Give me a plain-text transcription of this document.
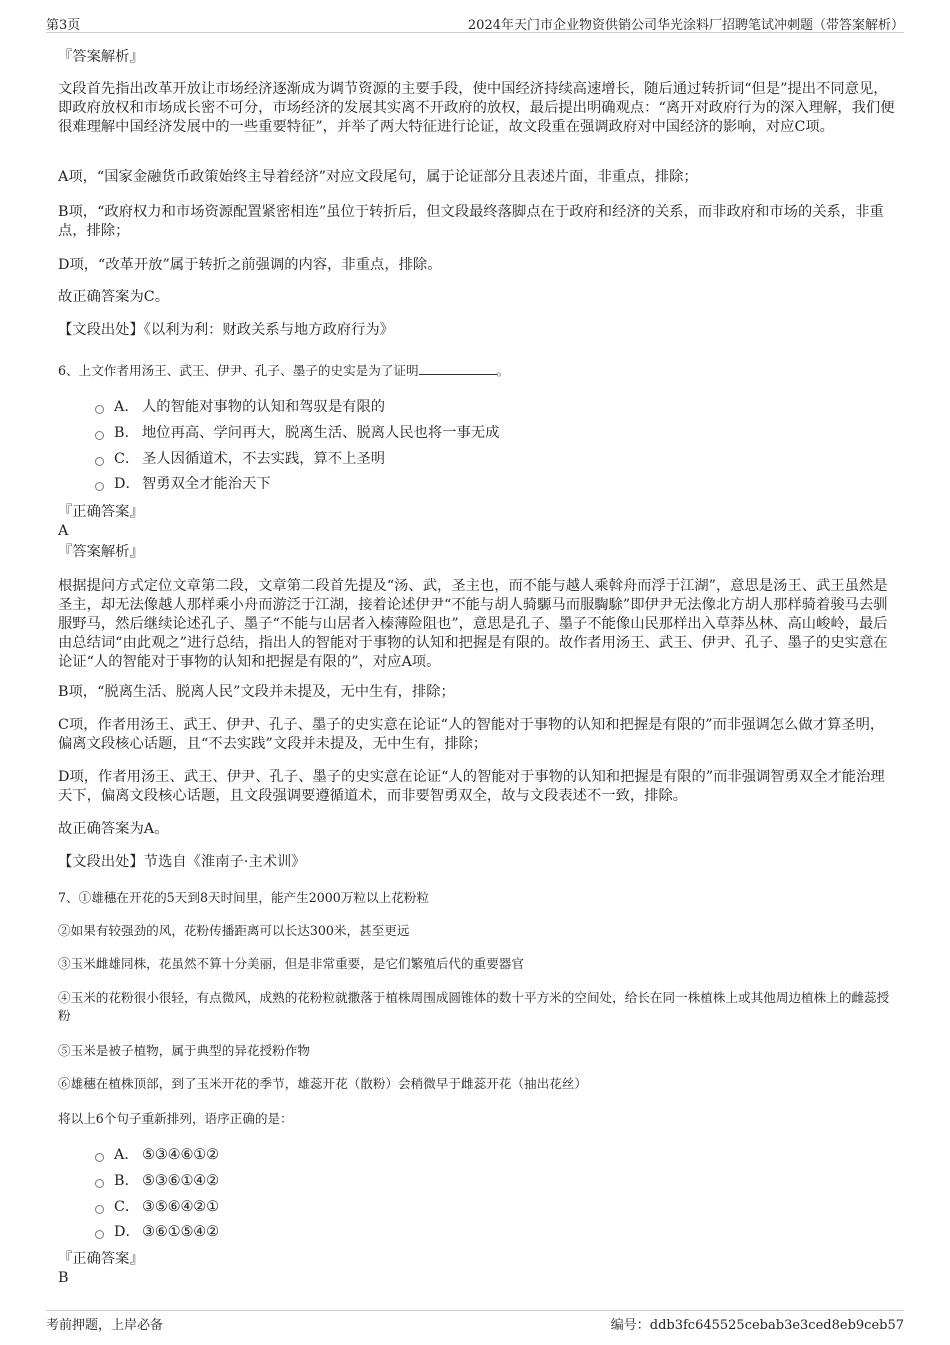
第3页	2024年天门市企业物资供销公司华光涂料厂招聘笔试冲刺题（带答案解析）
『答案解析』
文段首先指出改革开放让市场经济逐渐成为调节资源的主要手段，使中国经济持续高速增长，随后通过转折词“但是”提出不同意见，即政府放权和市场成长密不可分，市场经济的发展其实离不开政府的放权，最后提出明确观点：“离开对政府行为的深入理解，我们便很难理解中国经济发展中的一些重要特征”，并举了两大特征进行论证，故文段重在强调政府对中国经济的影响，对应C项。
A项，“国家金融货币政策始终主导着经济”对应文段尾句，属于论证部分且表述片面，非重点，排除；
B项，“政府权力和市场资源配置紧密相连”虽位于转折后，但文段最终落脚点在于政府和经济的关系，而非政府和市场的关系，非重点，排除；
D项，“改革开放”属于转折之前强调的内容，非重点，排除。
故正确答案为C。
【文段出处】《以利为利：财政关系与地方政府行为》
6、上文作者用汤王、武王、伊尹、孔子、墨子的史实是为了证明	。
A． 人的智能对事物的认知和驾驭是有限的
B. 地位再高、学问再大，脱离生活、脱离人民也将一事无成
C． 圣人因循道术，不去实践，算不上圣明
D． 智勇双全才能治天下
『正确答案』
A
『答案解析』
根据提问方式定位文章第二段，文章第二段首先提及“汤、武，圣主也，而不能与越人乘斡舟而浮于江湖”，意思是汤王、武王虽然是圣主，却无法像越人那样乘小舟而游泛于江湖，接着论述伊尹“不能与胡人骑騵马而服騊駼”即伊尹无法像北方胡人那样骑着骏马去驯服野马，然后继续论述孔子、墨子“不能与山居者入榛薄险阻也”，意思是孔子、墨子不能像山民那样出入草莽丛林、高山峻岭，最后由总结词“由此观之”进行总结，指出人的智能对于事物的认知和把握是有限的。故作者用汤王、武王、伊尹、孔子、墨子的史实意在论证“人的智能对于事物的认知和把握是有限的”，对应A项。
B项，“脱离生活、脱离人民”文段并未提及，无中生有，排除；
C项，作者用汤王、武王、伊尹、孔子、墨子的史实意在论证“人的智能对于事物的认知和把握是有限的”而非强调怎么做才算圣明，偏离文段核心话题，且“不去实践”文段并未提及，无中生有，排除；
D项，作者用汤王、武王、伊尹、孔子、墨子的史实意在论证“人的智能对于事物的认知和把握是有限的”而非强调智勇双全才能治理天下，偏离文段核心话题，且文段强调要遵循道术，而非要智勇双全，故与文段表述不一致，排除。
故正确答案为A。
【文段出处】节选自《淮南子·主术训》
7、①雄穗在开花的5天到8天时间里，能产生2000万粒以上花粉粒
②如果有较强劲的风，花粉传播距离可以长达300米，甚至更远
③玉米雌雄同株，花虽然不算十分美丽，但是非常重要，是它们繁殖后代的重要器官
④玉米的花粉很小很轻，有点微风，成熟的花粉粒就撒落于植株周围成圆锥体的数十平方米的空间处，给长在同一株植株上或其他周边植株上的雌蕊授粉
⑤玉米是被子植物，属于典型的异花授粉作物
⑥雄穗在植株顶部，到了玉米开花的季节，雄蕊开花（散粉）会稍微早于雌蕊开花（抽出花丝）
将以上6个句子重新排列，语序正确的是：
A． ⑤③④⑥①②
B. ⑤③⑥①④②
C． ③⑤⑥④②①
D． ③⑥①⑤④②
『正确答案』
B
考前押题，上岸必备	编号：ddb3fc645525cebab3e3ced8eb9ceb57
